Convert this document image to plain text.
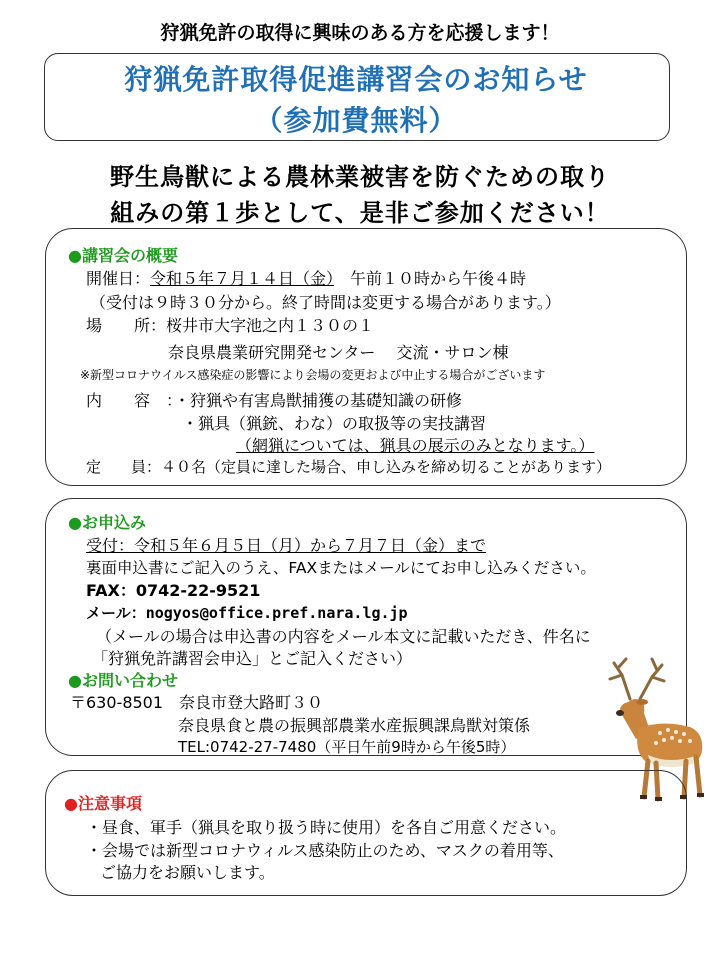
狩猟免許の取得に興味のある方を応援します！
狩猟免許取得促進講習会のお知らせ
（参加費無料）
野生鳥獣による農林業被害を防ぐための取り
組みの第１歩として、是非ご参加ください！
●講習会の概要
開催日：令和５年７月１４日（金）　 午前１０時から午後４時
（受付は９時３０分から。終了時間は変更する場合があります。）
場　　所：桜井市大字池之内１３０の１
奈良県農業研究開発センター　 交流・サロン棟
※新型コロナウイルス感染症の影響により会場の変更および中止する場合がございます
内　　容　：・狩猟や有害鳥獣捕獲の基礎知識の研修
・猟具（猟銃、わな）の取扱等の実技講習
（網猟については、猟具の展示のみとなります。）
定　　員：４０名（定員に達した場合、申し込みを締め切ることがあります）
●お申込み
受付：令和５年６月５日（月）から７月７日（金）まで
裏面申込書にご記入のうえ、FAXまたはメールにてお申し込みください。
FAX：0742-22-9521
メール：nogyos@office.pref.nara.lg.jp
（メールの場合は申込書の内容をメール本文に記載いただき、件名に
「狩猟免許講習会申込」とご記入ください）
●お問い合わせ
〒630-8501　奈良市登大路町３０
奈良県食と農の振興部農業水産振興課鳥獣対策係
TEL:0742-27-7480（平日午前9時から午後5時）
●注意事項
・昼食、軍手（猟具を取り扱う時に使用）を各自ご用意ください。
・会場では新型コロナウィルス感染防止のため、マスクの着用等、
ご協力をお願いします。
